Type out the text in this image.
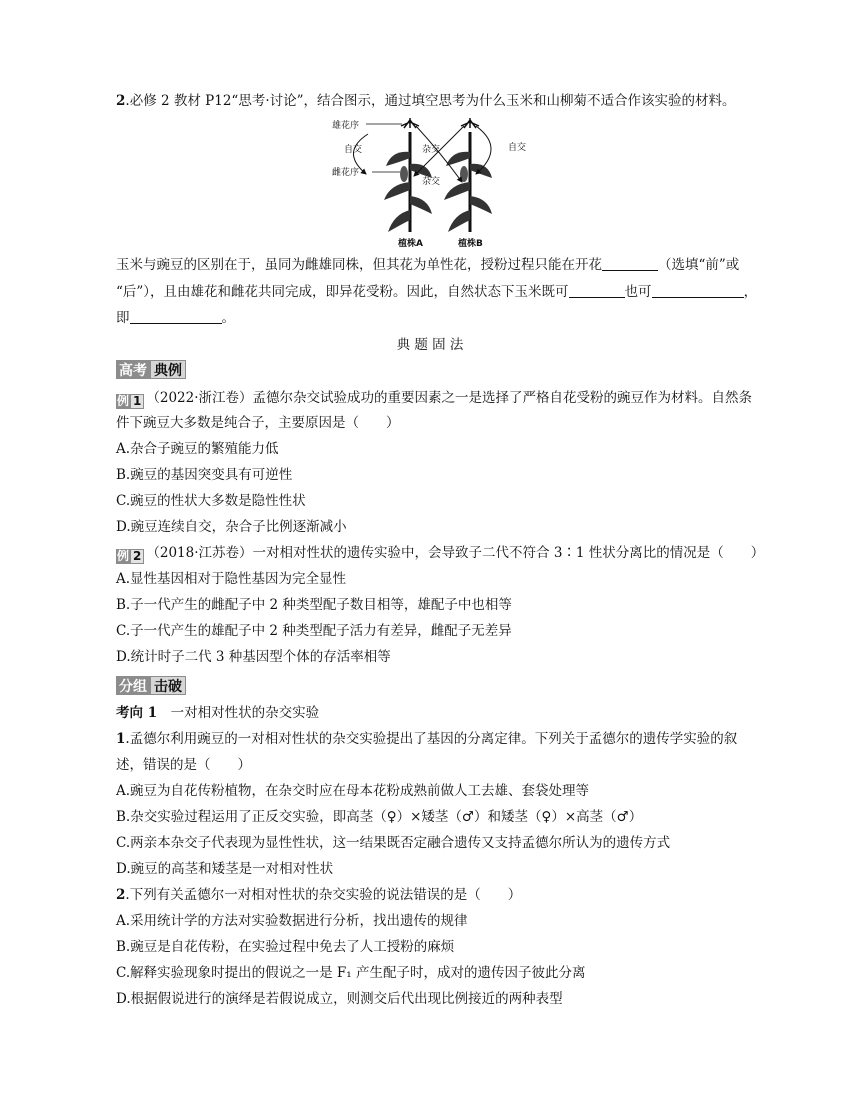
2.必修 2 教材 P12“思考·讨论”，结合图示，通过填空思考为什么玉米和山柳菊不适合作该实验的材料。
雄花序
自交
雌花序
杂交
杂交
自交
植株A	植株B
玉米与豌豆的区别在于，虽同为雌雄同株，但其花为单性花，授粉过程只能在开花	（选填“前”或
“后”），且由雄花和雌花共同完成，即异花受粉。因此，自然状态下玉米既可	也可	，
即	。
典 题 固 法
高考 典例
例 1 （2022·浙江卷）孟德尔杂交试验成功的重要因素之一是选择了严格自花受粉的豌豆作为材料。自然条
件下豌豆大多数是纯合子，主要原因是（　　）
A.杂合子豌豆的繁殖能力低
B.豌豆的基因突变具有可逆性
C.豌豆的性状大多数是隐性性状
D.豌豆连续自交，杂合子比例逐渐减小
例 2 （2018·江苏卷）一对相对性状的遗传实验中，会导致子二代不符合 3∶1 性状分离比的情况是（　　）
A.显性基因相对于隐性基因为完全显性
B.子一代产生的雌配子中 2 种类型配子数目相等，雄配子中也相等
C.子一代产生的雄配子中 2 种类型配子活力有差异，雌配子无差异
D.统计时子二代 3 种基因型个体的存活率相等
分组 击破
考向 1　 一对相对性状的杂交实验
1.孟德尔利用豌豆的一对相对性状的杂交实验提出了基因的分离定律。下列关于孟德尔的遗传学实验的叙
述，错误的是（　　）
A.豌豆为自花传粉植物，在杂交时应在母本花粉成熟前做人工去雄、套袋处理等
B.杂交实验过程运用了正反交实验，即高茎（♀）×矮茎（♂）和矮茎（♀）×高茎（♂）
C.两亲本杂交子代表现为显性性状，这一结果既否定融合遗传又支持孟德尔所认为的遗传方式
D.豌豆的高茎和矮茎是一对相对性状
2.下列有关孟德尔一对相对性状的杂交实验的说法错误的是（　　）
A.采用统计学的方法对实验数据进行分析，找出遗传的规律
B.豌豆是自花传粉，在实验过程中免去了人工授粉的麻烦
C.解释实验现象时提出的假说之一是 F₁ 产生配子时，成对的遗传因子彼此分离
D.根据假说进行的演绎是若假说成立，则测交后代出现比例接近的两种表型
